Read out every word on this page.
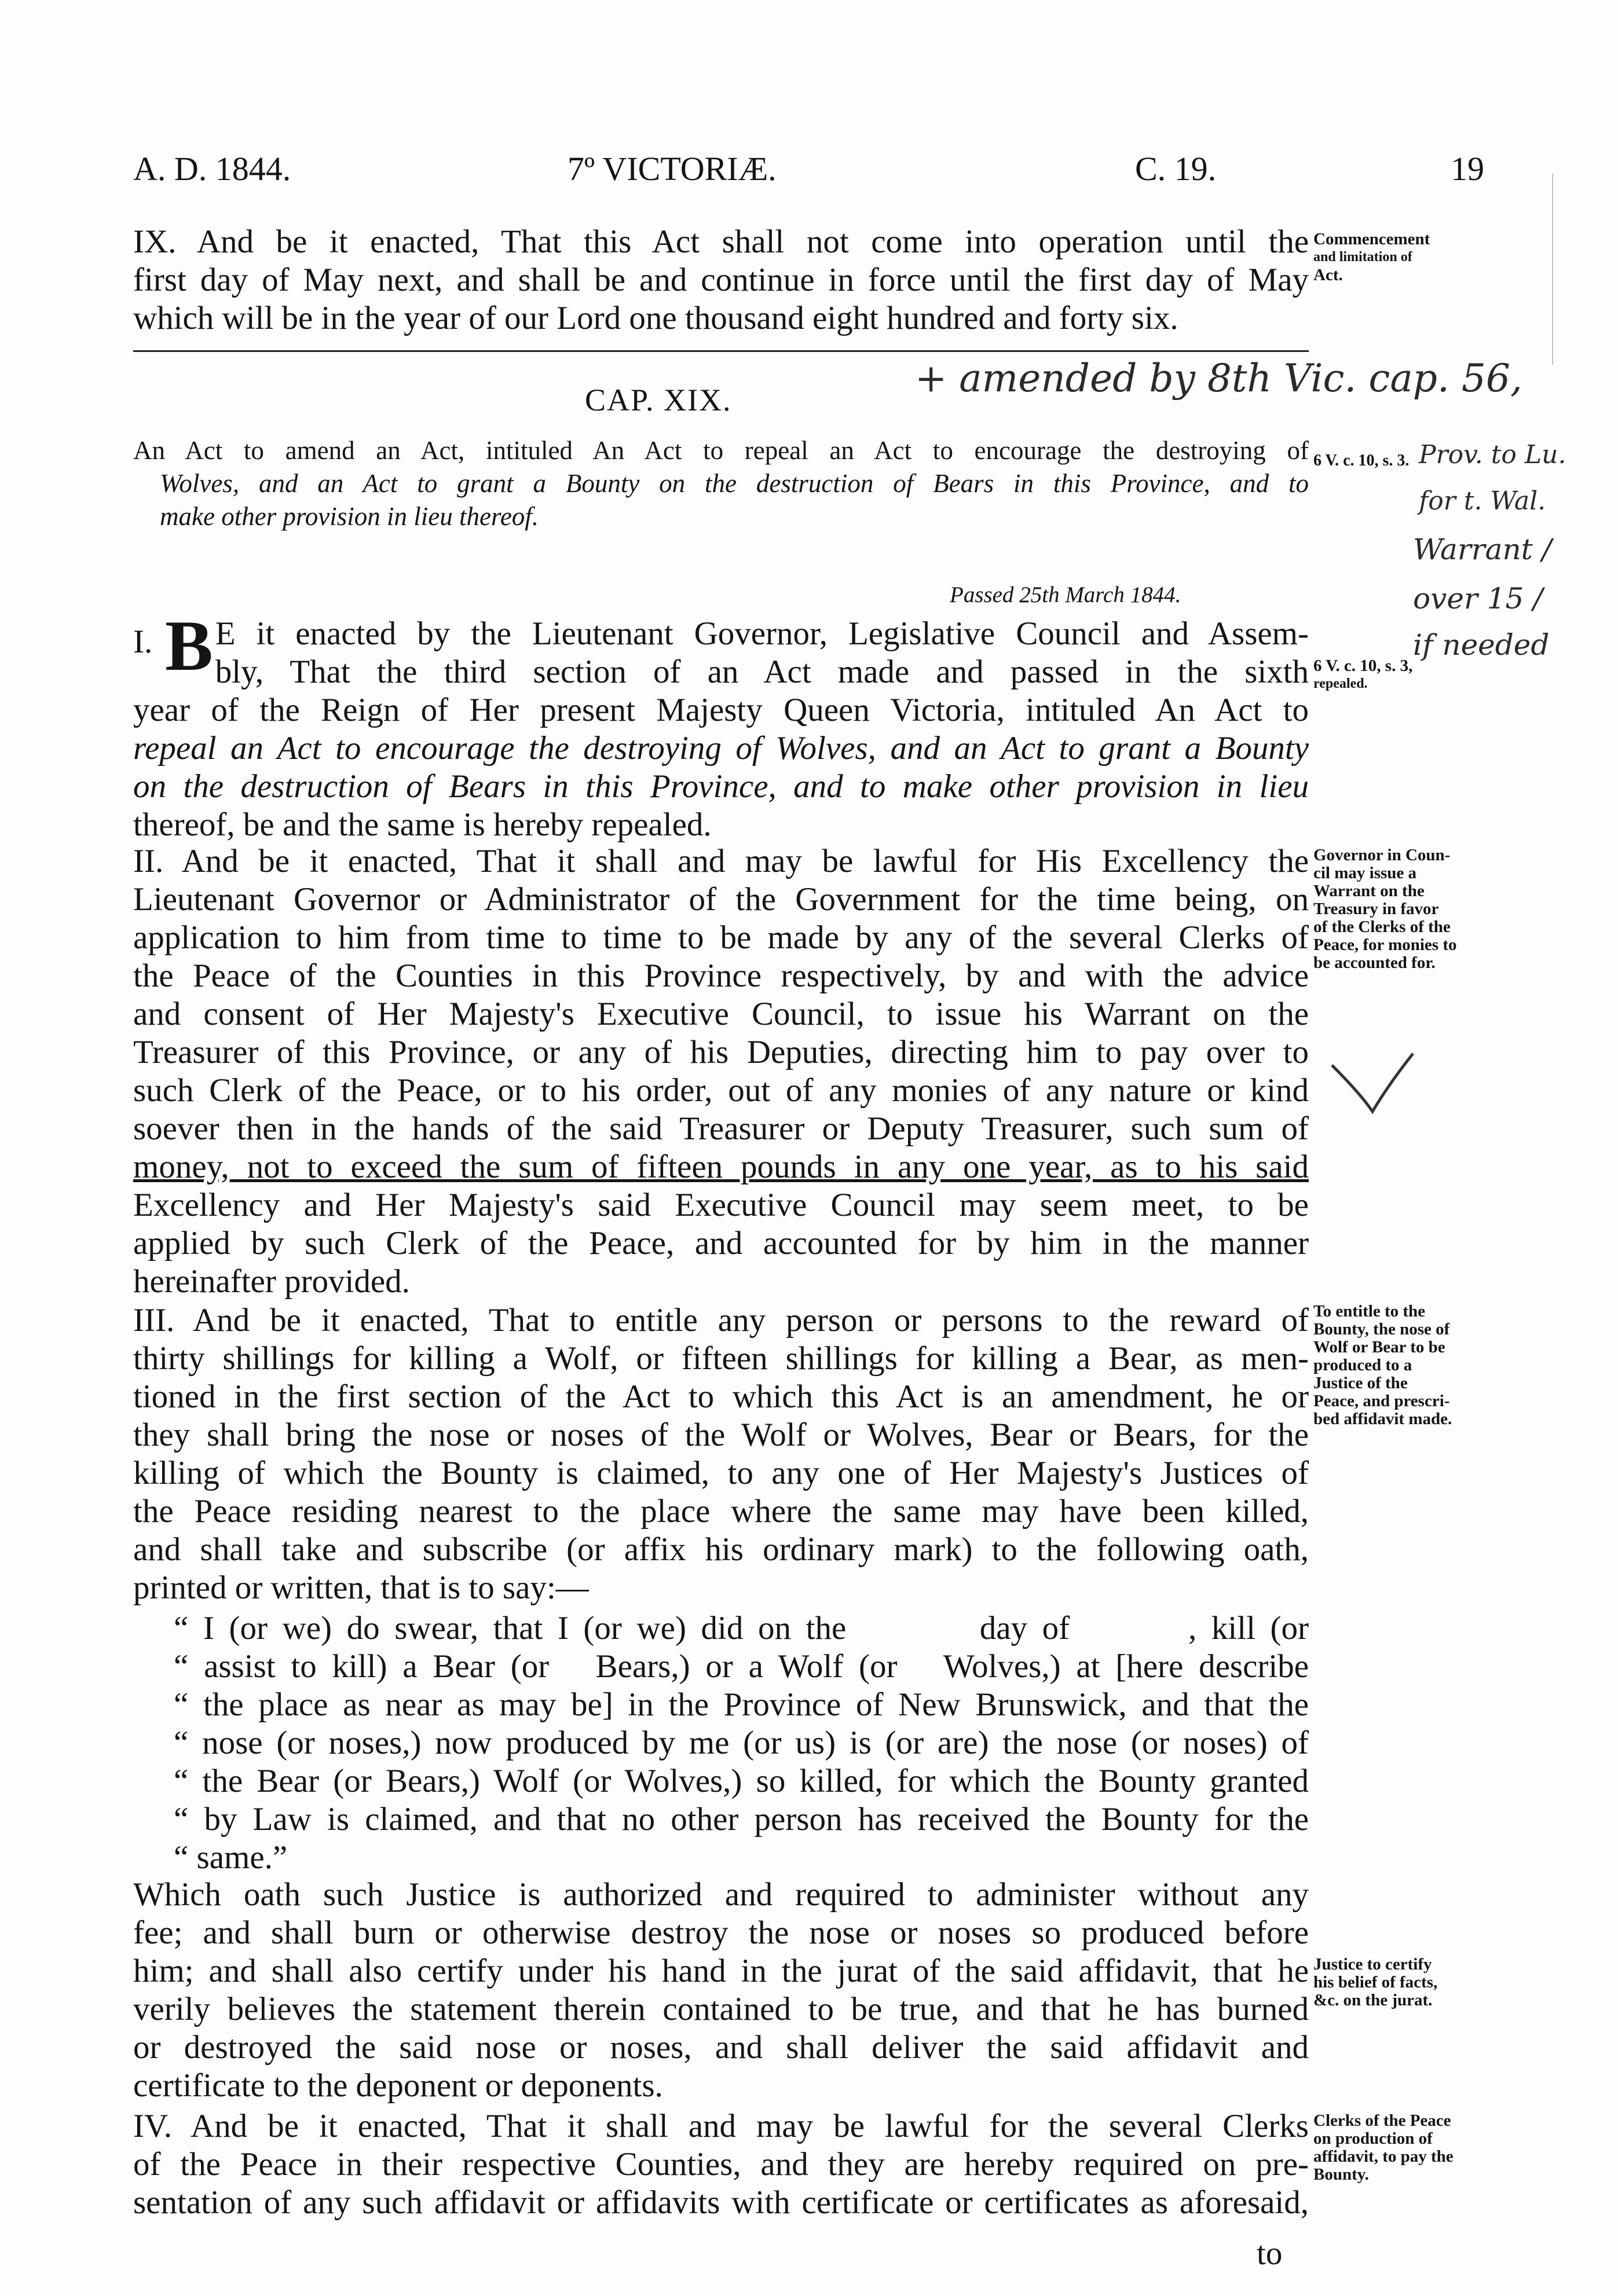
A. D. 1844.	7º VICTORIÆ.	C. 19.	19
IX. And be it enacted, That this Act shall not come into operation until the
first day of May next, and shall be and continue in force until the first day of May
which will be in the year of our Lord one thousand eight hundred and forty six.
Commencement
and limitation of
Act.
+ amended by 8th Vic. cap. 56,
Prov. to Lu.
for t. Wal.
Warrant /
over 15 /
if needed
CAP. XIX.
An Act to amend an Act, intituled An Act to repeal an Act to encourage the destroying of
Wolves, and an Act to grant a Bounty on the destruction of Bears in this Province, and to
make other provision in lieu thereof.
6 V. c. 10, s. 3.
Passed 25th March 1844.
I. B E it enacted by the Lieutenant Governor, Legislative Council and Assem-
bly, That the third section of an Act made and passed in the sixth
year of the Reign of Her present Majesty Queen Victoria, intituled An Act to
repeal an Act to encourage the destroying of Wolves, and an Act to grant a Bounty
on the destruction of Bears in this Province, and to make other provision in lieu
thereof, be and the same is hereby repealed.
6 V. c. 10, s. 3,
repealed.
II. And be it enacted, That it shall and may be lawful for His Excellency the
Lieutenant Governor or Administrator of the Government for the time being, on
application to him from time to time to be made by any of the several Clerks of
the Peace of the Counties in this Province respectively, by and with the advice
and consent of Her Majesty's Executive Council, to issue his Warrant on the
Treasurer of this Province, or any of his Deputies, directing him to pay over to
such Clerk of the Peace, or to his order, out of any monies of any nature or kind
soever then in the hands of the said Treasurer or Deputy Treasurer, such sum of
money, not to exceed the sum of fifteen pounds in any one year, as to his said
Excellency and Her Majesty's said Executive Council may seem meet, to be
applied by such Clerk of the Peace, and accounted for by him in the manner
hereinafter provided.
Governor in Coun-
cil may issue a
Warrant on the
Treasury in favor
of the Clerks of the
Peace, for monies to
be accounted for.
III. And be it enacted, That to entitle any person or persons to the reward of
thirty shillings for killing a Wolf, or fifteen shillings for killing a Bear, as men-
tioned in the first section of the Act to which this Act is an amendment, he or
they shall bring the nose or noses of the Wolf or Wolves, Bear or Bears, for the
killing of which the Bounty is claimed, to any one of Her Majesty's Justices of
the Peace residing nearest to the place where the same may have been killed,
and shall take and subscribe (or affix his ordinary mark) to the following oath,
printed or written, that is to say:—
To entitle to the
Bounty, the nose of
Wolf or Bear to be
produced to a
Justice of the
Peace, and prescri-
bed affidavit made.
“ I (or we) do swear, that I (or we) did on the         day of        , kill (or
“ assist to kill) a Bear (or   Bears,) or a Wolf (or   Wolves,) at [here describe
“ the place as near as may be] in the Province of New Brunswick, and that the
“ nose (or noses,) now produced by me (or us) is (or are) the nose (or noses) of
“ the Bear (or Bears,) Wolf (or Wolves,) so killed, for which the Bounty granted
“ by Law is claimed, and that no other person has received the Bounty for the
“ same.”
Which oath such Justice is authorized and required to administer without any
fee; and shall burn or otherwise destroy the nose or noses so produced before
him; and shall also certify under his hand in the jurat of the said affidavit, that he
verily believes the statement therein contained to be true, and that he has burned
or destroyed the said nose or noses, and shall deliver the said affidavit and
certificate to the deponent or deponents.
Justice to certify
his belief of facts,
&c. on the jurat.
IV. And be it enacted, That it shall and may be lawful for the several Clerks
of the Peace in their respective Counties, and they are hereby required on pre-
sentation of any such affidavit or affidavits with certificate or certificates as aforesaid,
Clerks of the Peace
on production of
affidavit, to pay the
Bounty.
to
